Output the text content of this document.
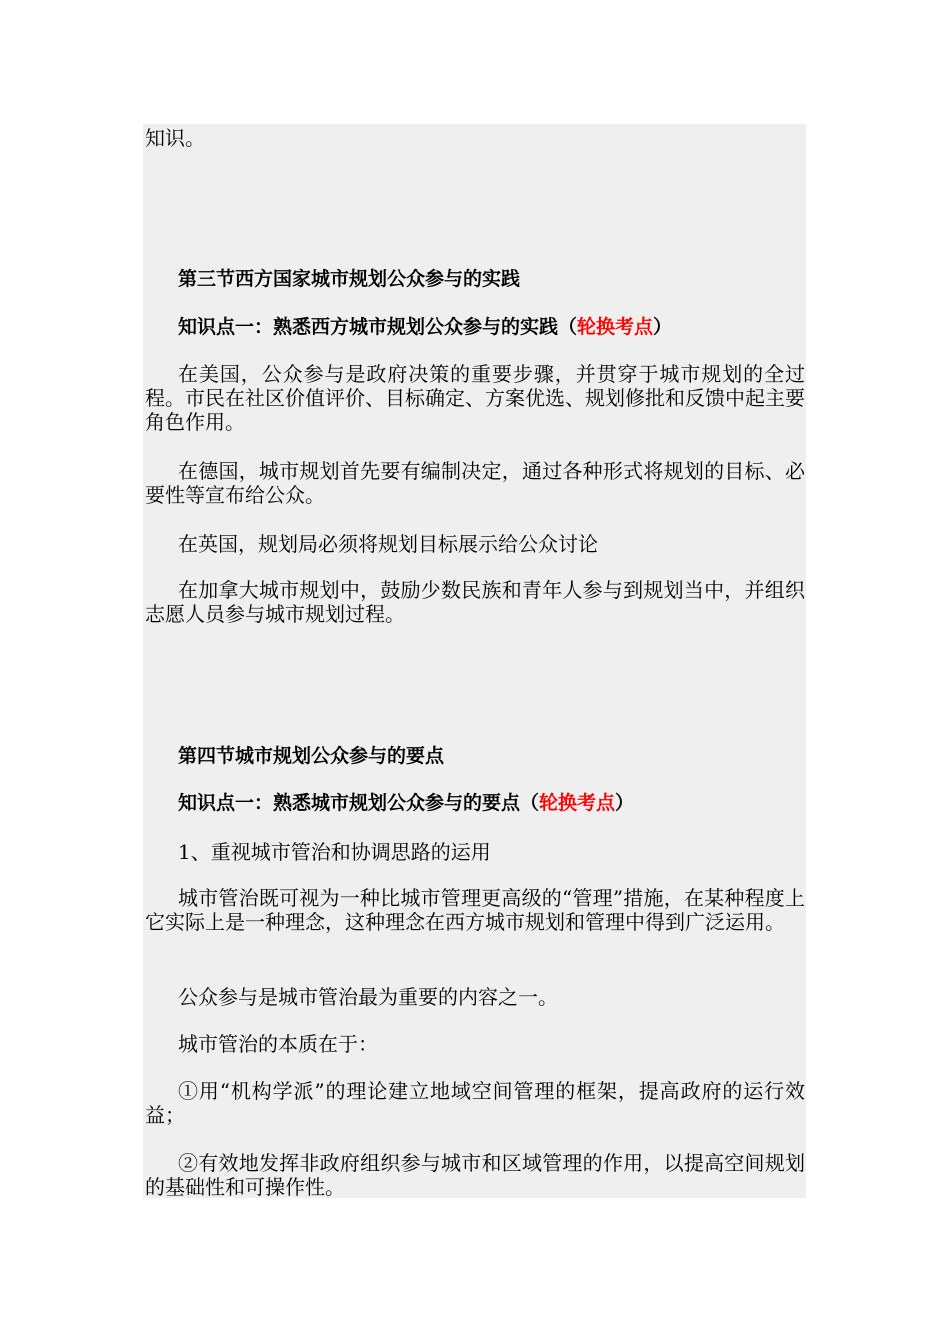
知识。
第三节西方国家城市规划公众参与的实践
知识点一：熟悉西方城市规划公众参与的实践（轮换考点）
在美国，公众参与是政府决策的重要步骤，并贯穿于城市规划的全过程。市民在社区价值评价、目标确定、方案优选、规划修批和反馈中起主要角色作用。
在德国，城市规划首先要有编制决定，通过各种形式将规划的目标、必要性等宣布给公众。
在英国，规划局必须将规划目标展示给公众讨论
在加拿大城市规划中，鼓励少数民族和青年人参与到规划当中，并组织志愿人员参与城市规划过程。
第四节城市规划公众参与的要点
知识点一：熟悉城市规划公众参与的要点（轮换考点）
1、重视城市管治和协调思路的运用
城市管治既可视为一种比城市管理更高级的“管理”措施，在某种程度上它实际上是一种理念，这种理念在西方城市规划和管理中得到广泛运用。
公众参与是城市管治最为重要的内容之一。
城市管治的本质在于：
①用“机构学派”的理论建立地域空间管理的框架，提高政府的运行效益；
②有效地发挥非政府组织参与城市和区域管理的作用，以提高空间规划的基础性和可操作性。
